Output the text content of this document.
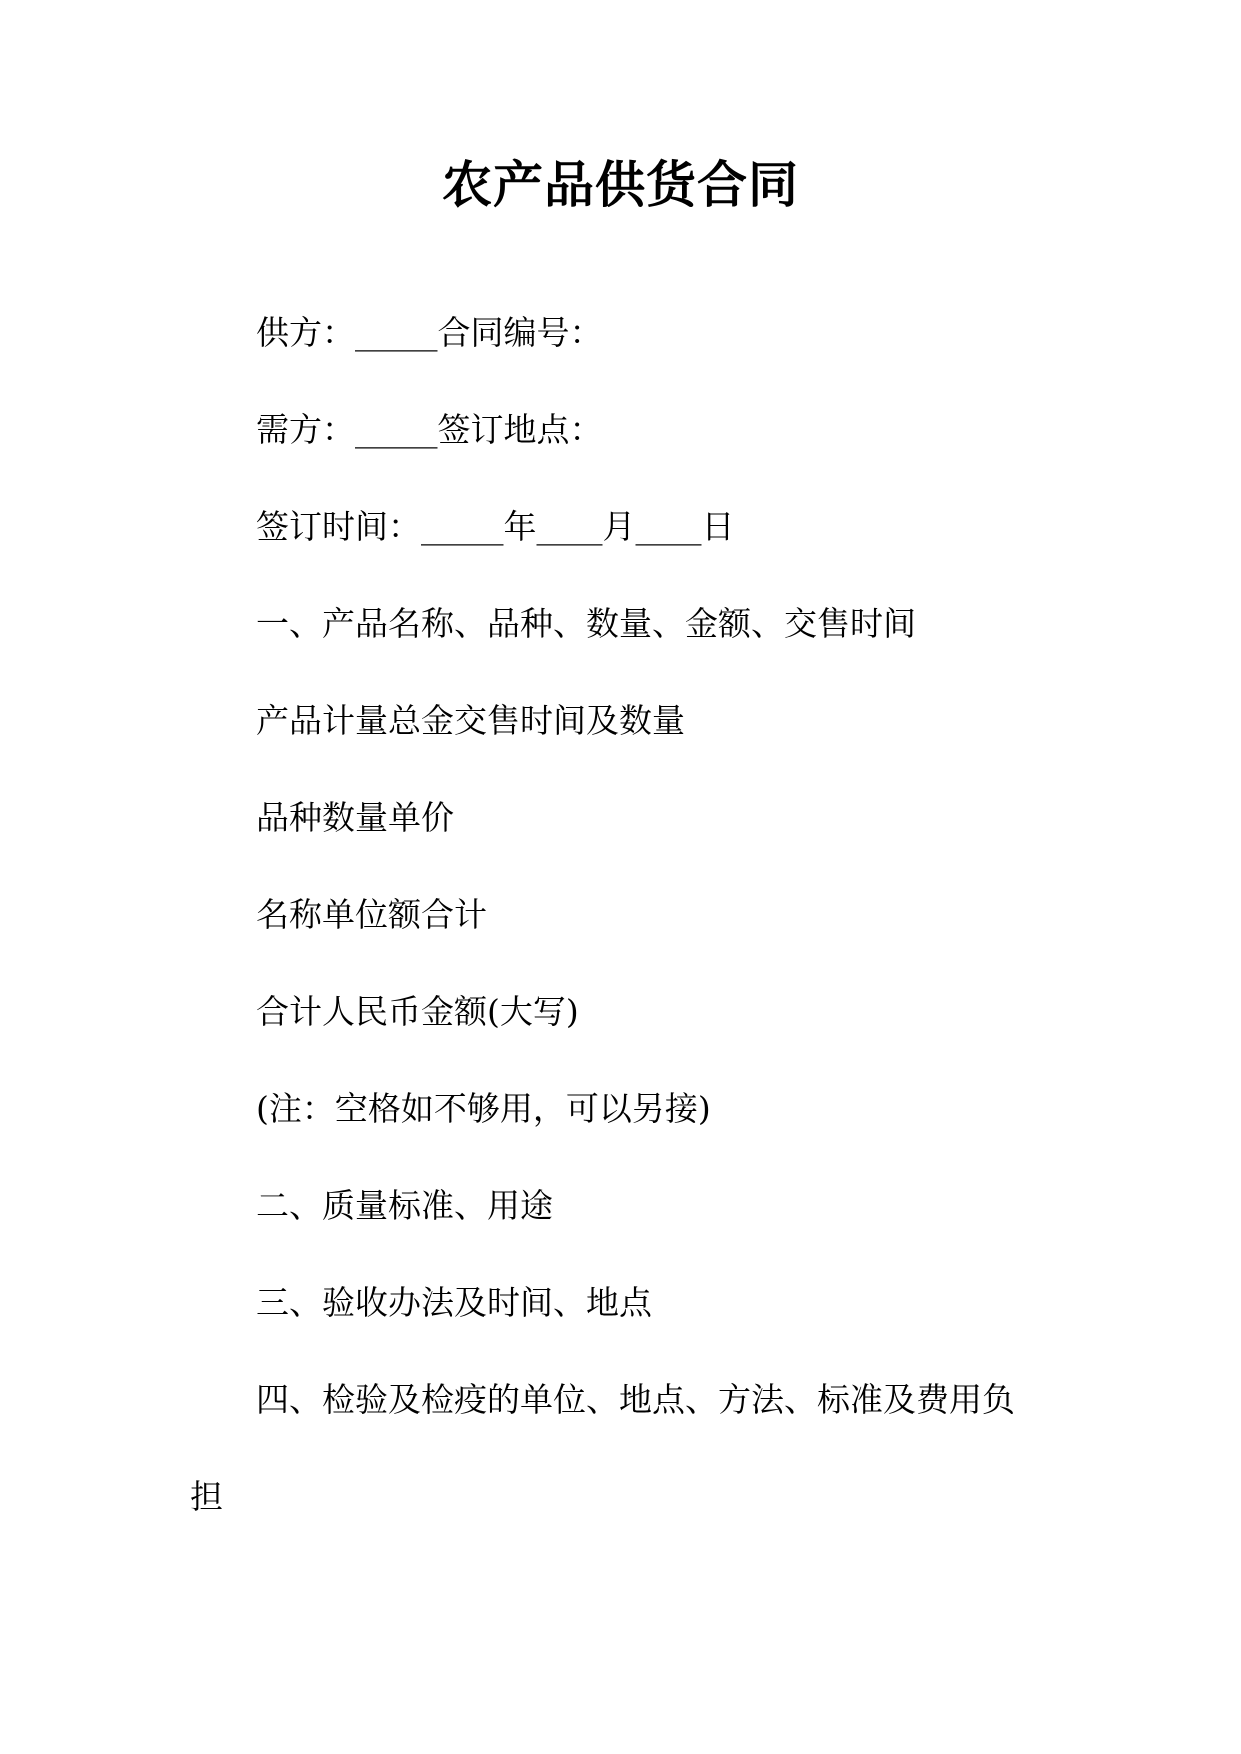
农产品供货合同
供方：_____合同编号：
需方：_____签订地点：
签订时间：_____年____月____日
一、产品名称、品种、数量、金额、交售时间
产品计量总金交售时间及数量
品种数量单价
名称单位额合计
合计人民币金额(大写)
(注：空格如不够用，可以另接)
二、质量标准、用途
三、验收办法及时间、地点
四、检验及检疫的单位、地点、方法、标准及费用负
担
